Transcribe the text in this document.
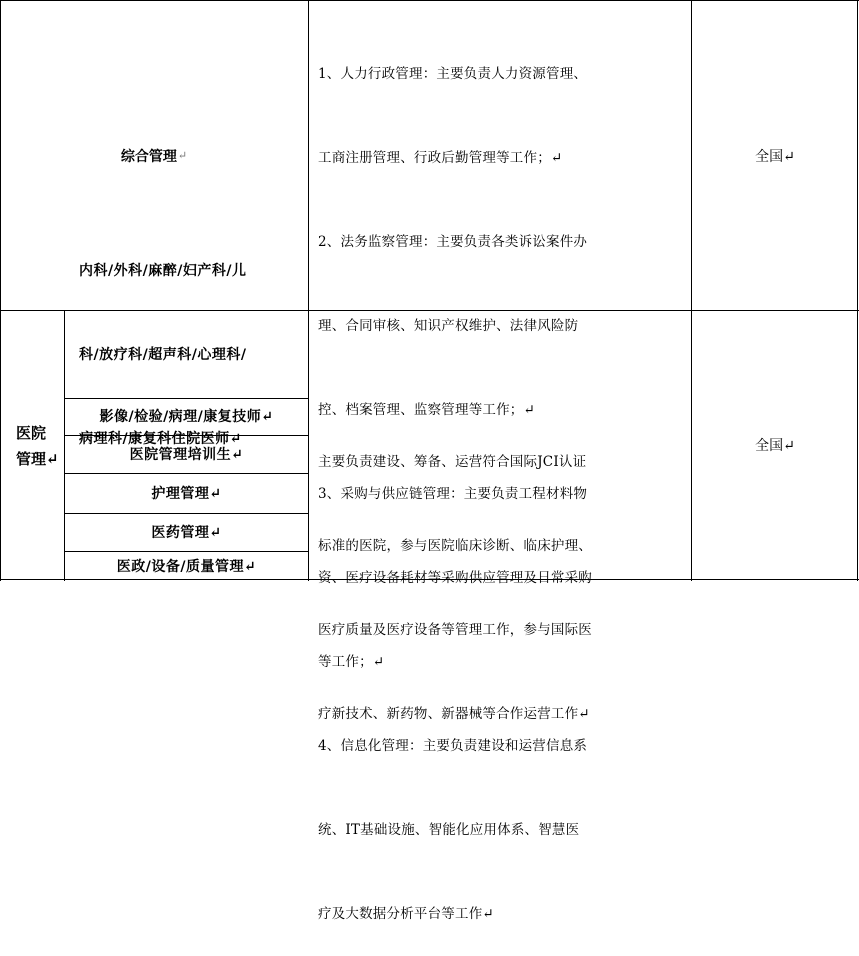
综合管理 ↵

1、人力行政管理：主要负责人力资源管理、

工商注册管理、行政后勤管理等工作；↵

2、法务监察管理：主要负责各类诉讼案件办

理、合同审核、知识产权维护、法律风险防

控、档案管理、监察管理等工作；↵

3、采购与供应链管理：主要负责工程材料物

资、医疗设备耗材等采购供应管理及日常采购

等工作；↵

4、信息化管理：主要负责建设和运营信息系

统、IT基础设施、智能化应用体系、智慧医

疗及大数据分析平台等工作↵

全国↵
医院
管理↵

内科/外科/麻醉/妇产科/儿

科/放疗科/超声科/心理科/

病理科/康复科住院医师↵

影像/检验/病理/康复技师↵
医院管理培训生↵
护理管理↵
医药管理↵
医政/设备/质量管理↵

主要负责建设、筹备、运营符合国际JCI认证

标准的医院，参与医院临床诊断、临床护理、

医疗质量及医疗设备等管理工作，参与国际医

疗新技术、新药物、新器械等合作运营工作↵

全国↵
